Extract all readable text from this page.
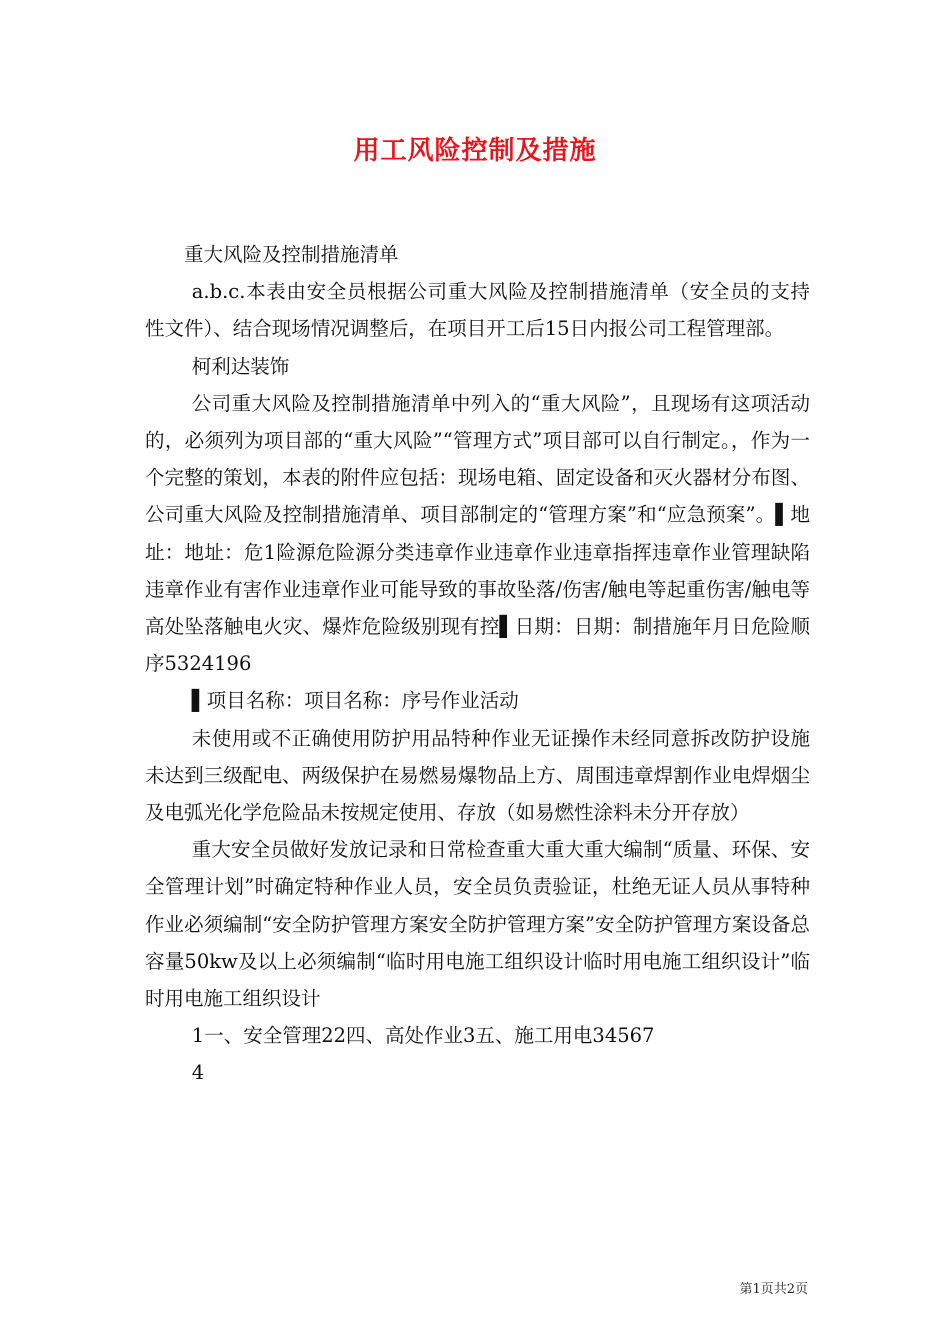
用工风险控制及措施

重大风险及控制措施清单

a.b.c.本表由安全员根据公司重大风险及控制措施清单（安全员的支持性文件）、结合现场情况调整后，在项目开工后15日内报公司工程管理部。

柯利达装饰

公司重大风险及控制措施清单中列入的“重大风险”，且现场有这项活动的，必须列为项目部的“重大风险”“管理方式”项目部可以自行制定。，作为一个完整的策划，本表的附件应包括：现场电箱、固定设备和灭火器材分布图、公司重大风险及控制措施清单、项目部制定的“管理方案”和“应急预案”。▌地址：地址：危1险源危险源分类违章作业违章作业违章指挥违章作业管理缺陷违章作业有害作业违章作业可能导致的事故坠落/伤害/触电等起重伤害/触电等高处坠落触电火灾、爆炸危险级别现有控▌日期：日期：制措施年月日危险顺序5324196

▌项目名称：项目名称：序号作业活动

未使用或不正确使用防护用品特种作业无证操作未经同意拆改防护设施未达到三级配电、两级保护在易燃易爆物品上方、周围违章焊割作业电焊烟尘及电弧光化学危险品未按规定使用、存放（如易燃性涂料未分开存放）

重大安全员做好发放记录和日常检查重大重大重大编制“质量、环保、安全管理计划”时确定特种作业人员，安全员负责验证，杜绝无证人员从事特种作业必须编制“安全防护管理方案安全防护管理方案”安全防护管理方案设备总容量50kw及以上必须编制“临时用电施工组织设计临时用电施工组织设计”临时用电施工组织设计

1一、安全管理22四、高处作业3五、施工用电34567

4

第1页共2页
